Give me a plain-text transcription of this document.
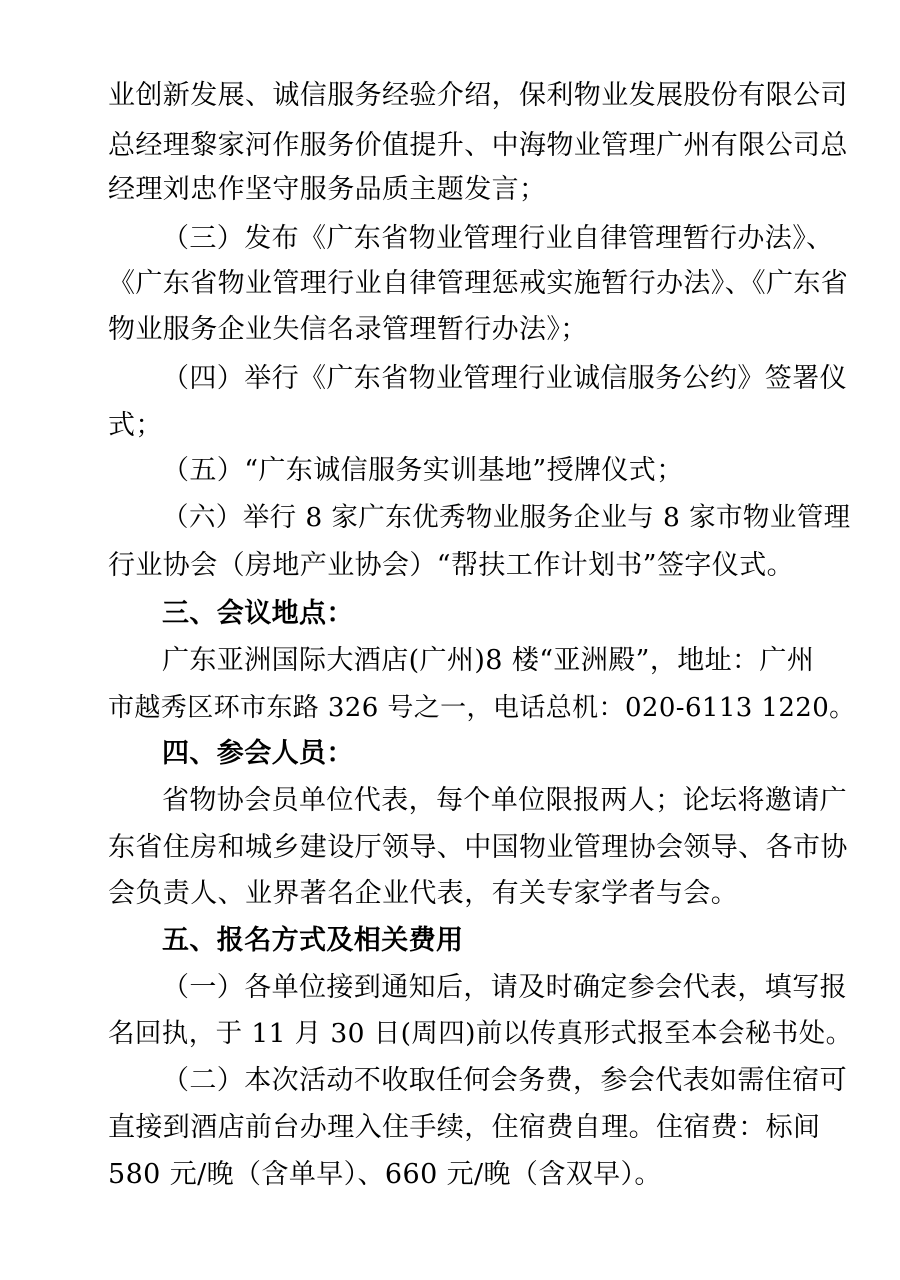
业创新发展、诚信服务经验介绍，保利物业发展股份有限公司
总经理黎家河作服务价值提升、中海物业管理广州有限公司总
经理刘忠作坚守服务品质主题发言；
（三）发布《广东省物业管理行业自律管理暂行办法》、
《广东省物业管理行业自律管理惩戒实施暂行办法》、《广东省
物业服务企业失信名录管理暂行办法》；
（四）举行《广东省物业管理行业诚信服务公约》签署仪
式；
（五）“广东诚信服务实训基地”授牌仪式；
（六）举行 8 家广东优秀物业服务企业与 8 家市物业管理
行业协会（房地产业协会）“帮扶工作计划书”签字仪式。
三、会议地点：
广东亚洲国际大酒店(广州)8 楼“亚洲殿”，地址：广州
市越秀区环市东路 326 号之一，电话总机：020-6113 1220。
四、参会人员：
省物协会员单位代表，每个单位限报两人；论坛将邀请广
东省住房和城乡建设厅领导、中国物业管理协会领导、各市协
会负责人、业界著名企业代表，有关专家学者与会。
五、报名方式及相关费用
（一）各单位接到通知后，请及时确定参会代表，填写报
名回执，于 11 月 30 日(周四)前以传真形式报至本会秘书处。
（二）本次活动不收取任何会务费，参会代表如需住宿可
直接到酒店前台办理入住手续，住宿费自理。住宿费：标间
580 元/晚（含单早）、660 元/晚（含双早）。
